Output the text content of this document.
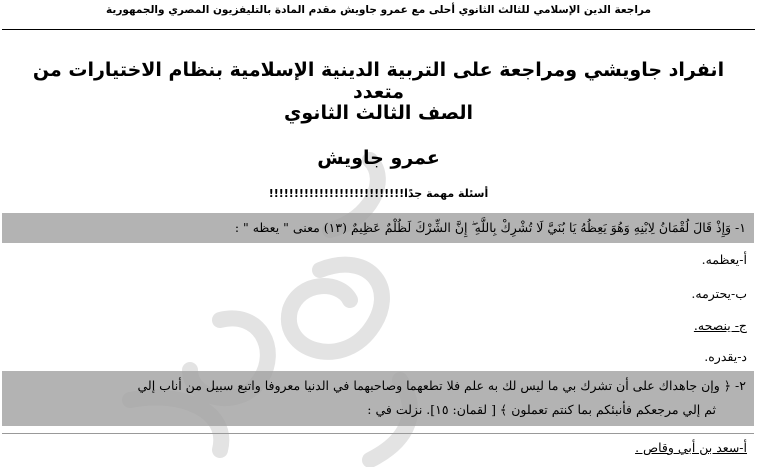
مراجعة الدين الإسلامي للثالث الثانوي أحلى مع عمرو جاويش مقدم المادة بالتليفزيون المصري والجمهورية
انفراد جاويشي ومراجعة على التربية الدينية الإسلامية بنظام الاختيارات من متعدد
الصف الثالث الثانوي
عمرو جاويش
أسئلة مهمة جدًا!!!!!!!!!!!!!!!!!!!!!!!!!!!
١- وَإِذْ قَالَ لُقْمَانُ لِابْنِهِ وَهُوَ يَعِظُهُ يَا بُنَيَّ لَا تُشْرِكْ بِاللَّهِ ۖ إِنَّ الشِّرْكَ لَظُلْمٌ عَظِيمٌ (١٣) معنى " يعظه " :
أ-يعظمه.
ب-يحترمه.
ج- ينصحه.
د-يقدره.
٢- ﴿ وإن جاهداك على أن تشرك بي ما ليس لك به علم فلا تطعهما وصاحبهما في الدنيا معروفا واتبع سبيل من أناب إلي
ثم إلي مرجعكم فأنبئكم بما كنتم تعملون ﴾ [ لقمان: ١٥]. نزلت في :
أ-سعد بن أبي وقاص .
